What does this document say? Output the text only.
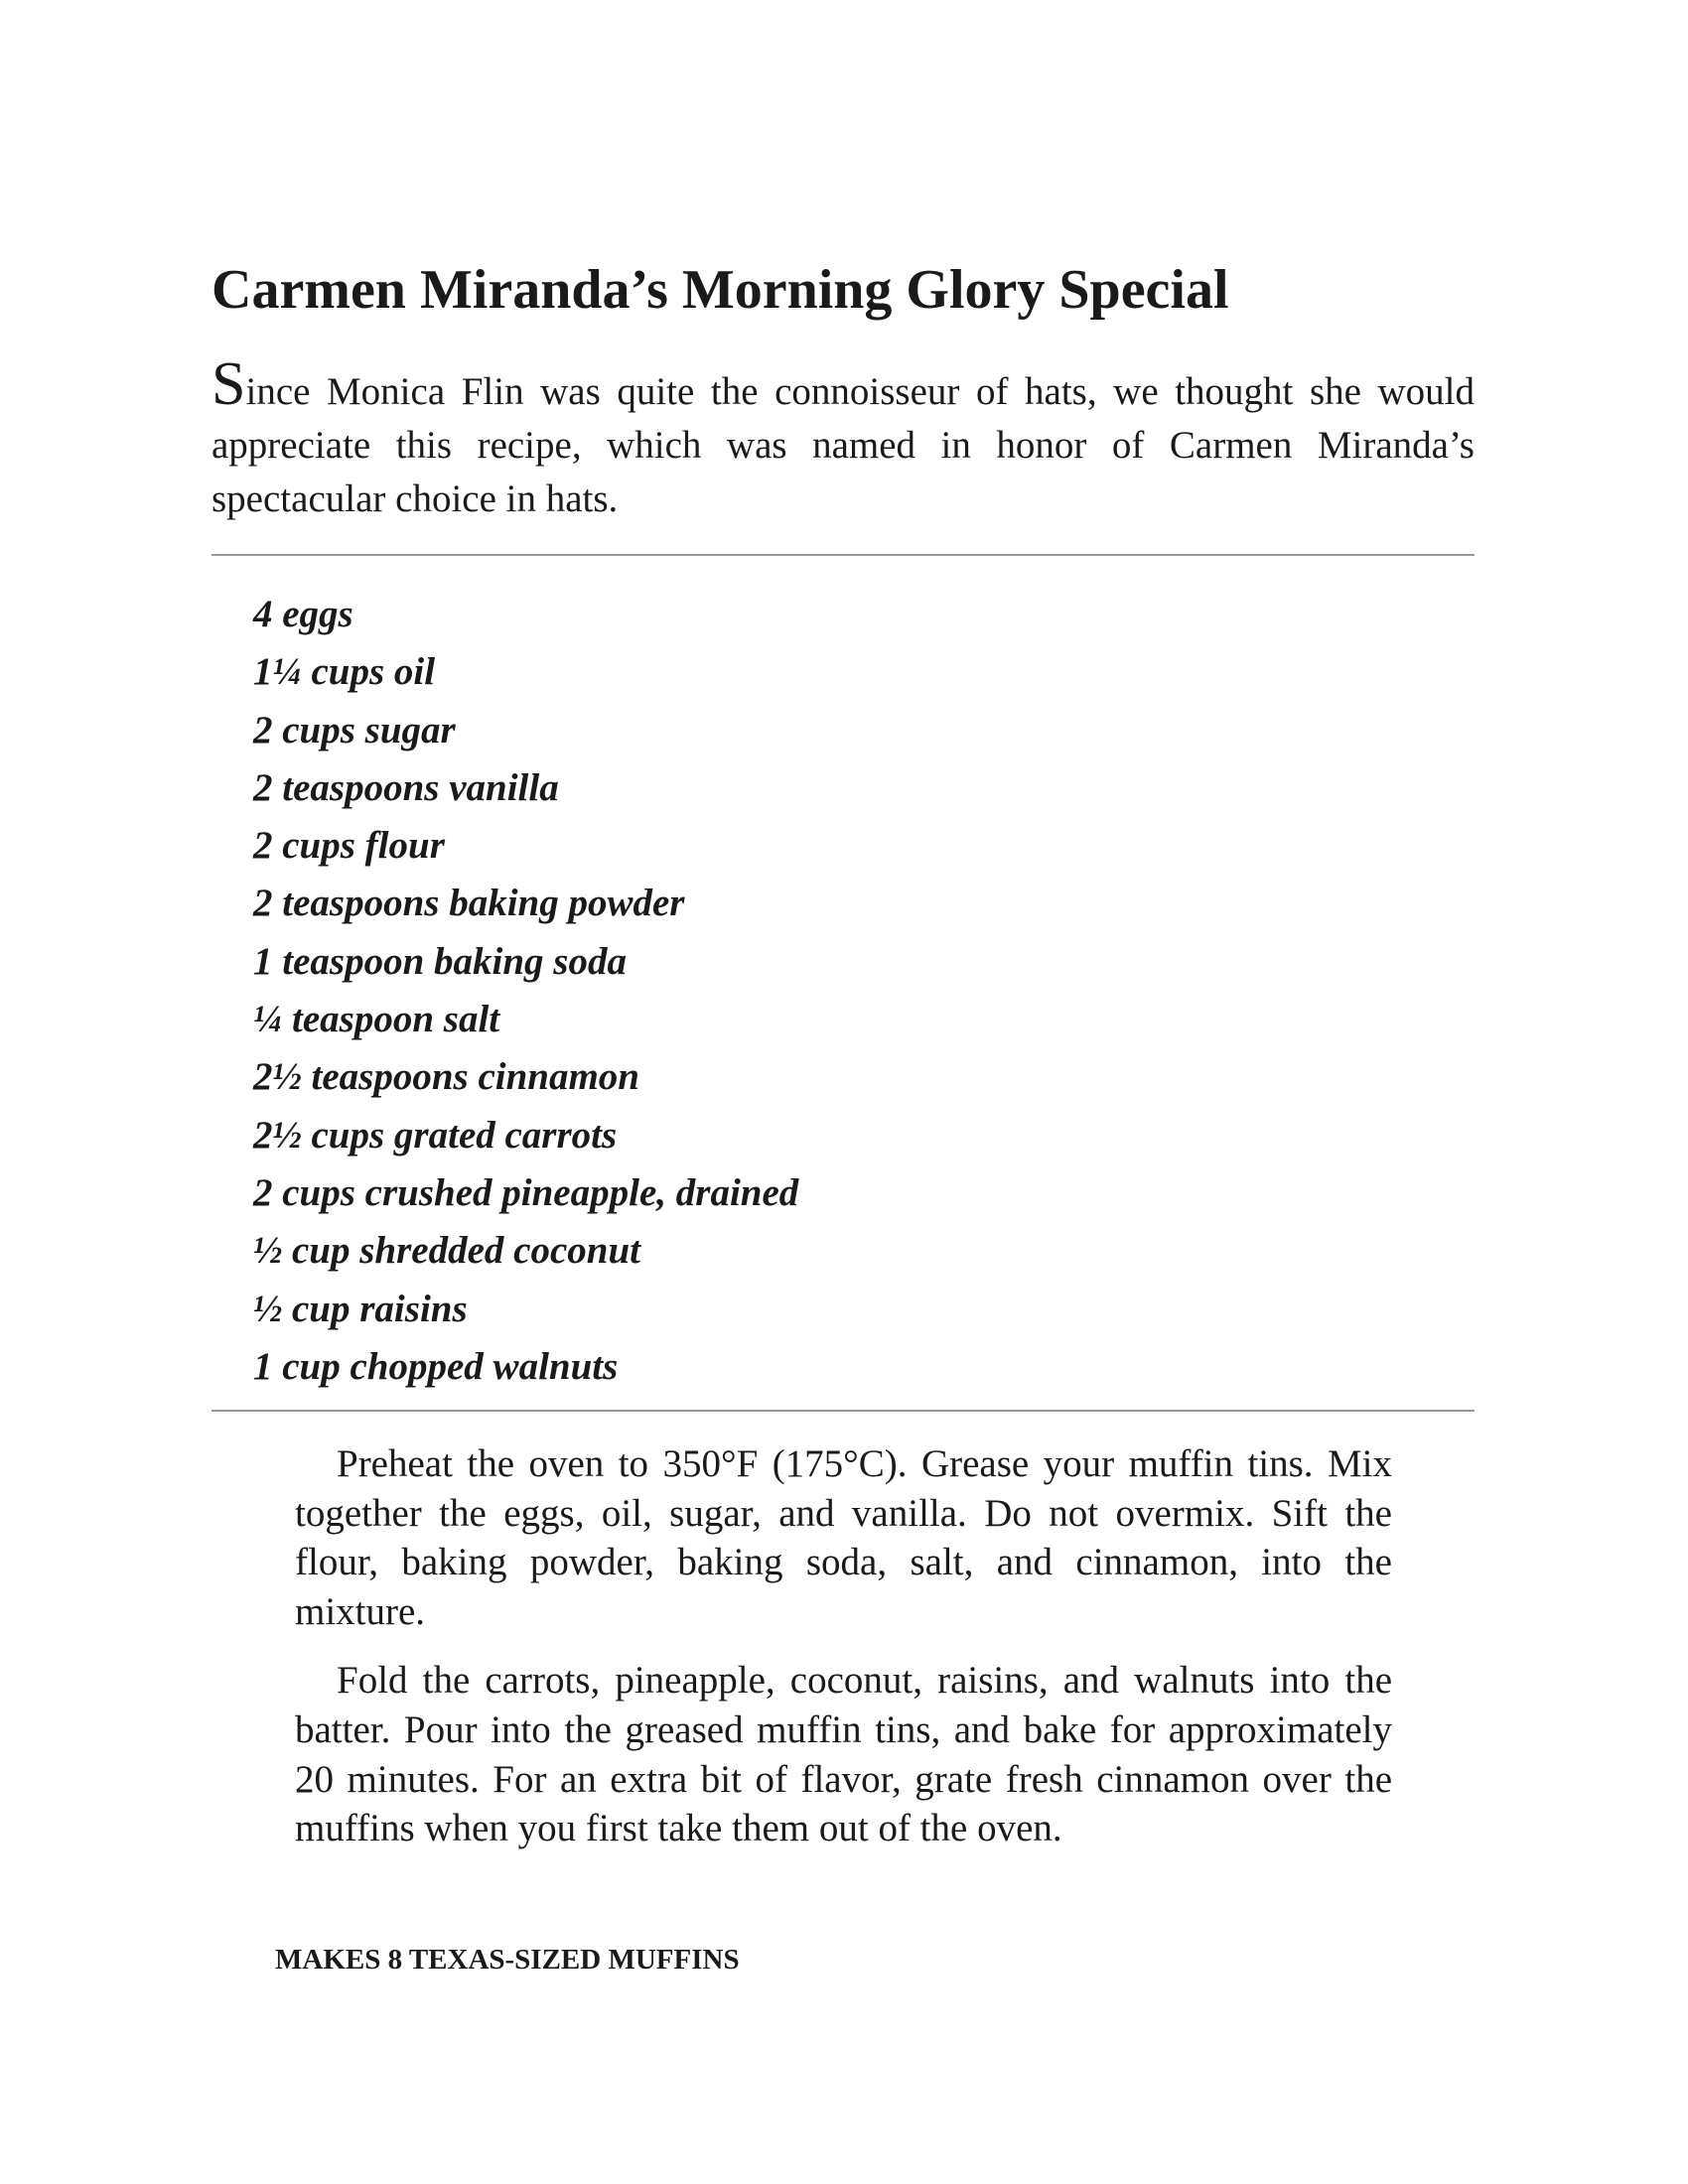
Carmen Miranda’s Morning Glory Special

Since Monica Flin was quite the connoisseur of hats, we thought she would appreciate this recipe, which was named in honor of Carmen Miranda’s spectacular choice in hats.

4 eggs
1¼ cups oil
2 cups sugar
2 teaspoons vanilla
2 cups flour
2 teaspoons baking powder
1 teaspoon baking soda
¼ teaspoon salt
2½ teaspoons cinnamon
2½ cups grated carrots
2 cups crushed pineapple, drained
½ cup shredded coconut
½ cup raisins
1 cup chopped walnuts

Preheat the oven to 350°F (175°C). Grease your muffin tins. Mix together the eggs, oil, sugar, and vanilla. Do not overmix. Sift the flour, baking powder, baking soda, salt, and cinnamon, into the mixture.

Fold the carrots, pineapple, coconut, raisins, and walnuts into the batter. Pour into the greased muffin tins, and bake for approximately 20 minutes. For an extra bit of flavor, grate fresh cinnamon over the muffins when you first take them out of the oven.

MAKES 8 TEXAS-SIZED MUFFINS
